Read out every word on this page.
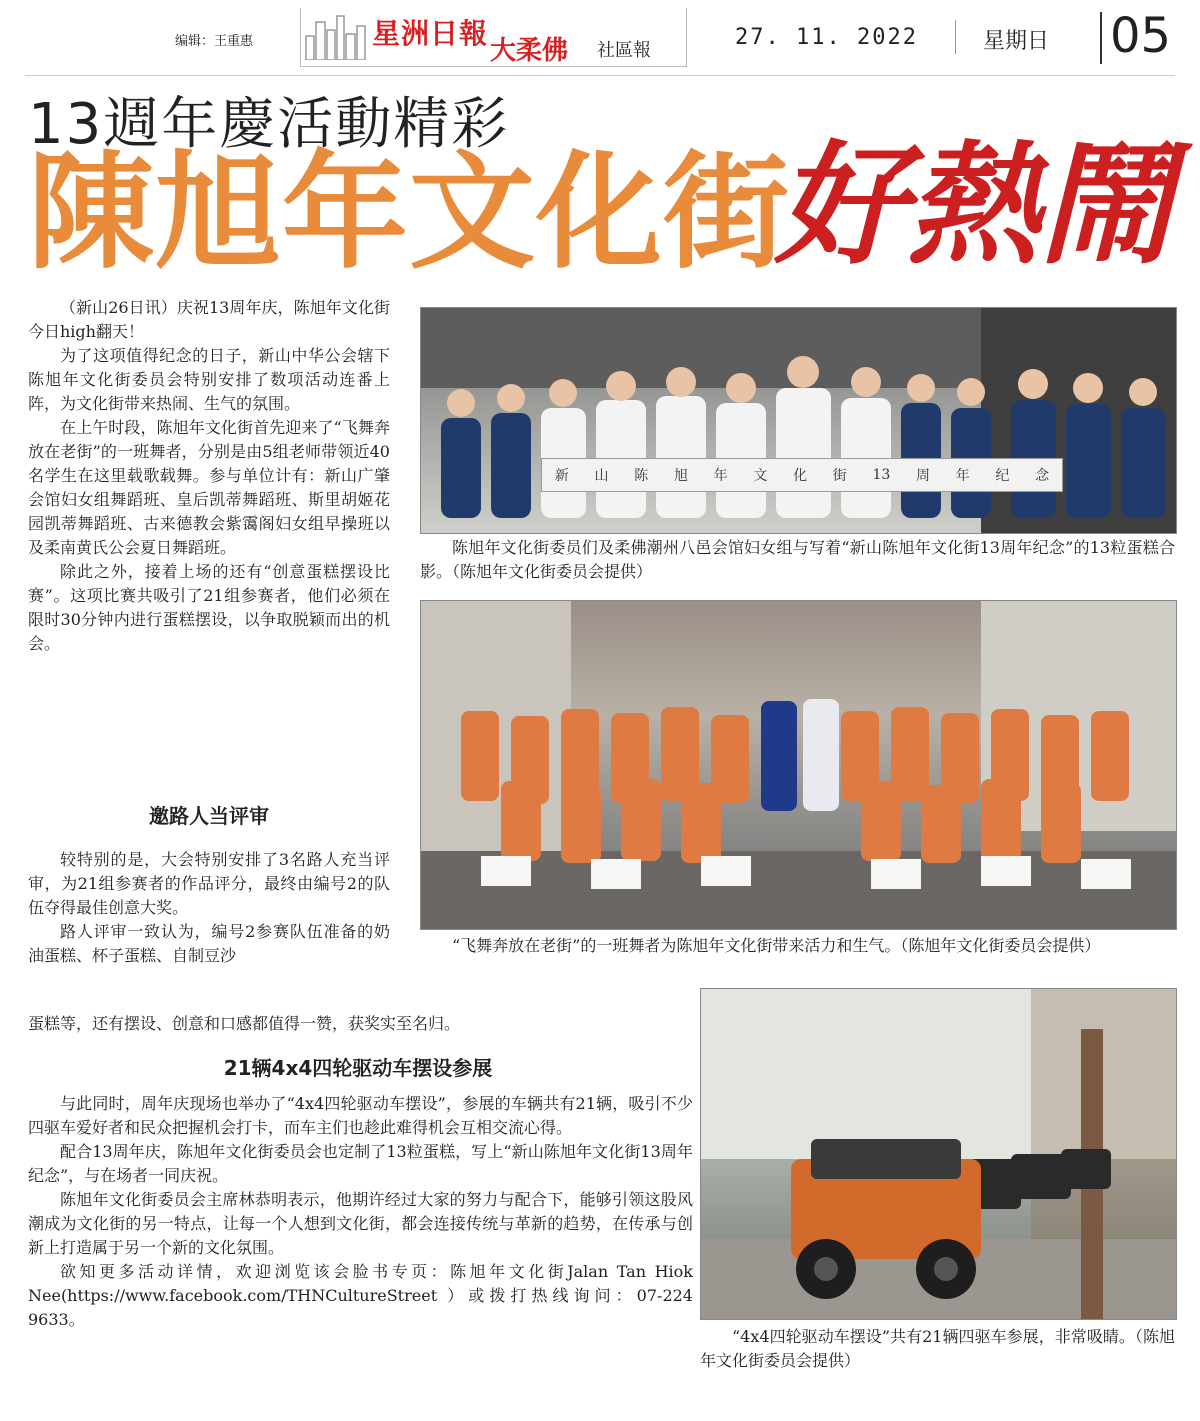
编辑：王重惠	星洲日報
大柔佛 社區報
27. 11. 2022	星期日 05
13週年慶活動精彩
陳旭年文化街
好熱鬧

（新山26日讯）庆祝13周年庆，陈旭年文化街今日high翻天！

为了这项值得纪念的日子，新山中华公会辖下陈旭年文化街委员会特别安排了数项活动连番上阵，为文化街带来热闹、生气的氛围。

在上午时段，陈旭年文化街首先迎来了“飞舞奔放在老街”的一班舞者，分别是由5组老师带领近40名学生在这里载歌载舞。参与单位计有：新山广肇会馆妇女组舞蹈班、皇后凯蒂舞蹈班、斯里胡姬花园凯蒂舞蹈班、古来德教会紫霭阁妇女组早操班以及柔南黄氏公会夏日舞蹈班。

除此之外，接着上场的还有“创意蛋糕摆设比赛”。这项比赛共吸引了21组参赛者，他们必须在限时30分钟内进行蛋糕摆设，以争取脱颖而出的机会。

邀路人当评审

较特别的是，大会特别安排了3名路人充当评审，为21组参赛者的作品评分，最终由编号2的队伍夺得最佳创意大奖。

路人评审一致认为，编号2参赛队伍准备的奶油蛋糕、杯子蛋糕、自制豆沙

蛋糕等，还有摆设、创意和口感都值得一赞，获奖实至名归。
21辆4x4四轮驱动车摆设参展

与此同时，周年庆现场也举办了“4x4四轮驱动车摆设”，参展的车辆共有21辆，吸引不少四驱车爱好者和民众把握机会打卡，而车主们也趁此难得机会互相交流心得。

配合13周年庆，陈旭年文化街委员会也定制了13粒蛋糕，写上“新山陈旭年文化街13周年纪念”，与在场者一同庆祝。

陈旭年文化街委员会主席林恭明表示，他期许经过大家的努力与配合下，能够引领这股风潮成为文化街的另一特点，让每一个人想到文化街，都会连接传统与革新的趋势，在传承与创新上打造属于另一个新的文化氛围。

欲知更多活动详情，欢迎浏览该会脸书专页：陈旭年文化街Jalan Tan Hiok Nee(https://www.facebook.com/THNCultureStreet ）或拨打热线询问：07-224 9633。

新 山 陈 旭 年 文 化 街 13 周 年 纪 念
陈旭年文化街委员们及柔佛潮州八邑会馆妇女组与写着“新山陈旭年文化街13周年纪念”的13粒蛋糕合影。（陈旭年文化街委员会提供）
“飞舞奔放在老街”的一班舞者为陈旭年文化街带来活力和生气。（陈旭年文化街委员会提供）
“4x4四轮驱动车摆设”共有21辆四驱车参展，非常吸睛。（陈旭年文化街委员会提供）
